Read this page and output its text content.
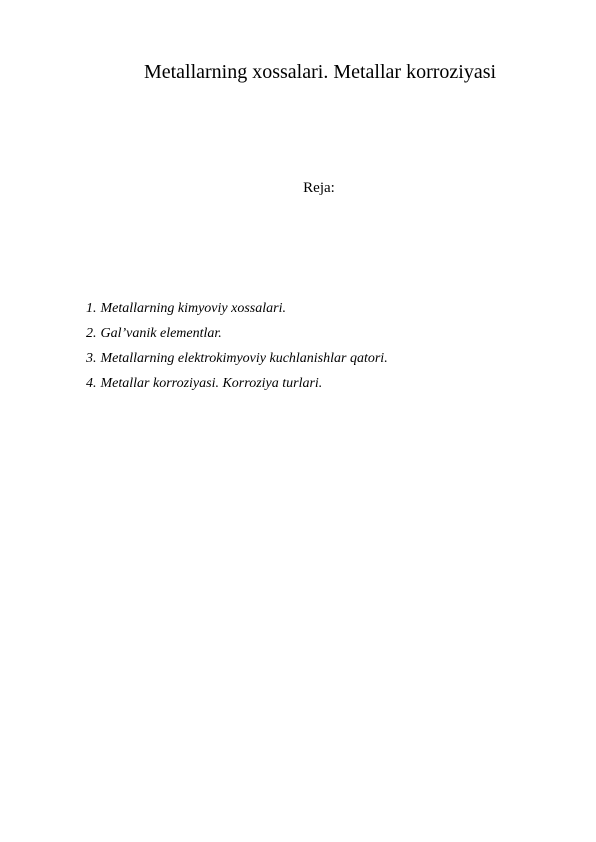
Metallarning xossalari. Metallar korroziyasi
Reja:
1. Metallarning kimyoviy xossalari.
2. Gal’vanik elementlar.
3. Metallarning elektrokimyoviy kuchlanishlar qatori.
4. Metallar korroziyasi. Korroziya turlari.
